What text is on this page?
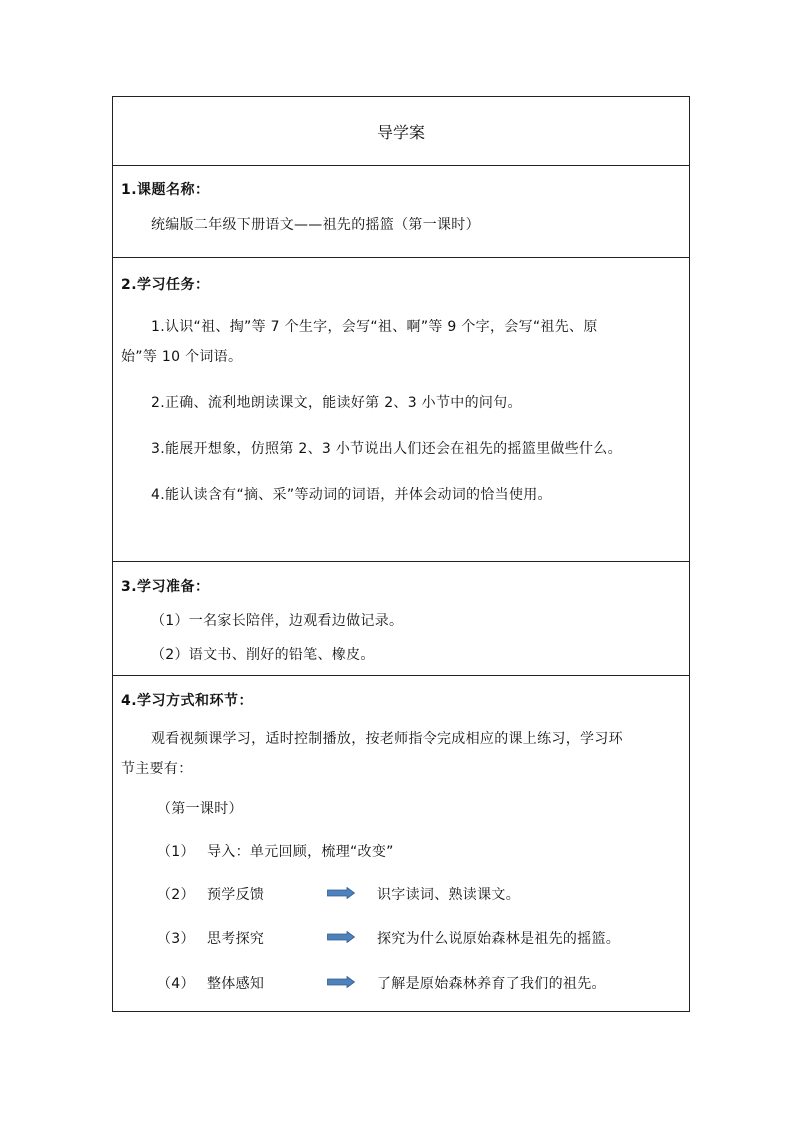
导学案
1.课题名称：
统编版二年级下册语文——祖先的摇篮（第一课时）
2.学习任务：
1.认识“祖、掏”等 7 个生字，会写“祖、啊”等 9 个字，会写“祖先、原
始”等 10 个词语。
2.正确、流利地朗读课文，能读好第 2、3 小节中的问句。
3.能展开想象，仿照第 2、3 小节说出人们还会在祖先的摇篮里做些什么。
4.能认读含有“摘、采”等动词的词语，并体会动词的恰当使用。
3.学习准备：
（1）一名家长陪伴，边观看边做记录。
（2）语文书、削好的铅笔、橡皮。
4.学习方式和环节：
观看视频课学习，适时控制播放，按老师指令完成相应的课上练习，学习环
节主要有：
（第一课时）
（1） 导入：单元回顾，梳理“改变”
（2） 预学反馈	识字读词、熟读课文。
（3） 思考探究	探究为什么说原始森林是祖先的摇篮。
（4） 整体感知	了解是原始森林养育了我们的祖先。
